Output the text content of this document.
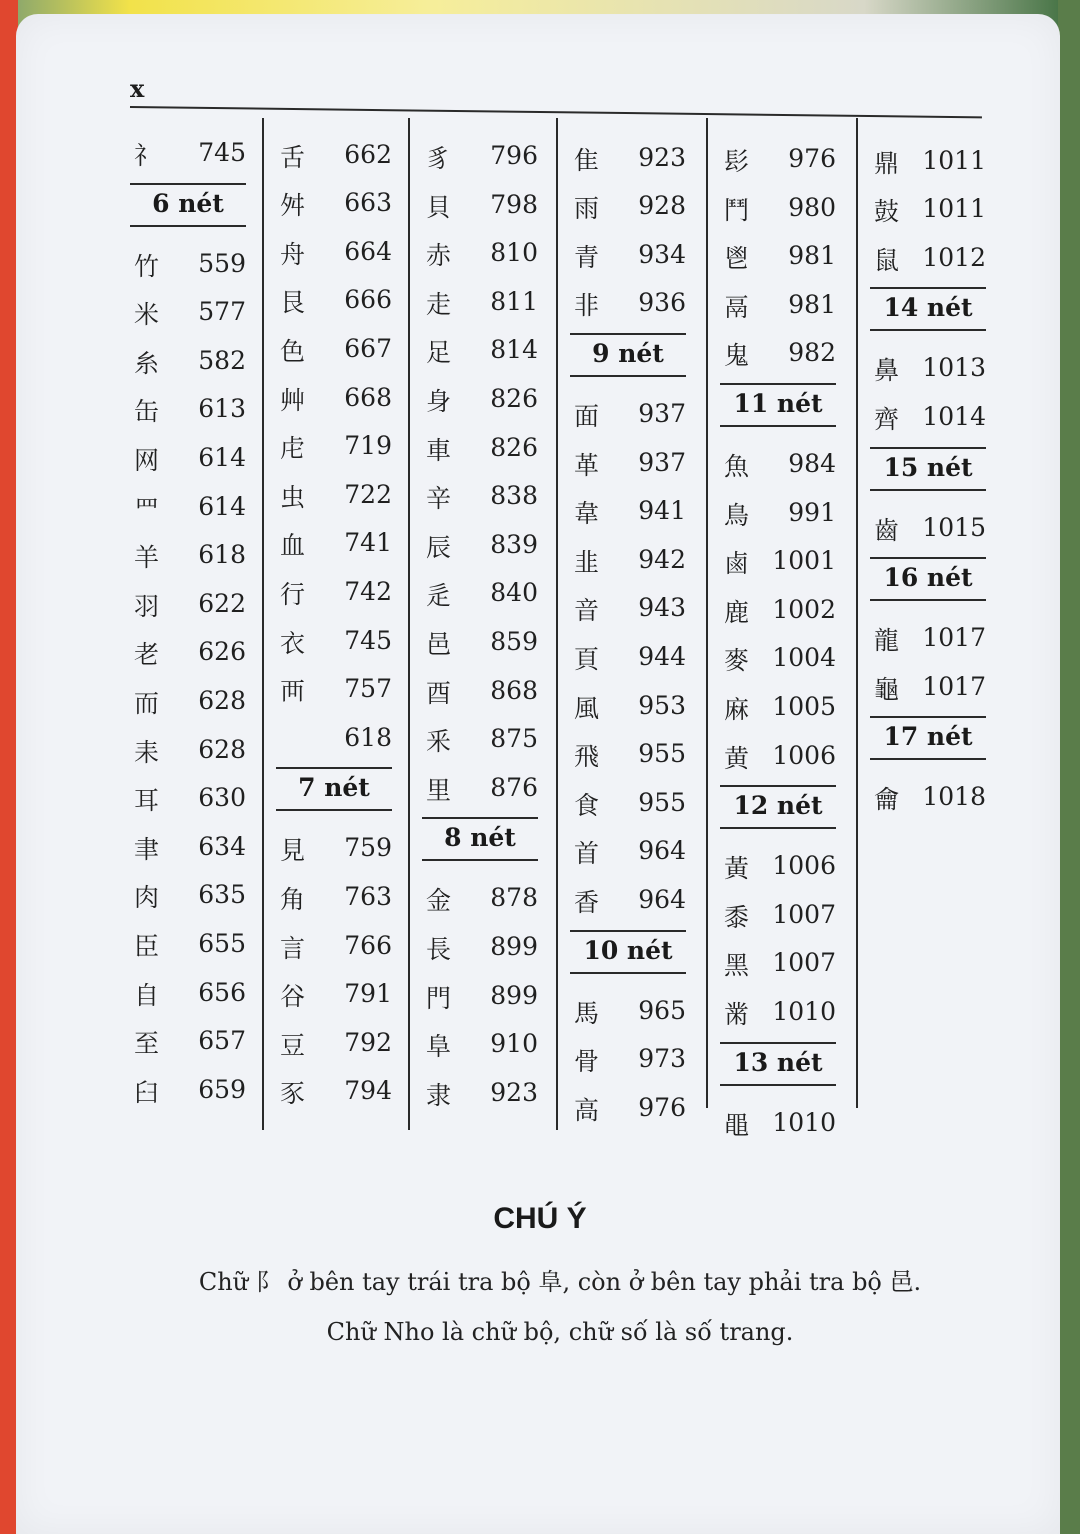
x
礻 745
6 nét
竹 559
米 577
糸 582
缶 613
网 614
罒 614
羊 618
羽 622
老 626
而 628
耒 628
耳 630
聿 634
肉 635
臣 655
自 656
至 657
臼 659
舌 662
舛 663
舟 664
艮 666
色 667
艸 668
虍 719
虫 722
血 741
行 742
衣 745
襾 757
618
7 nét
見 759
角 763
言 766
谷 791
豆 792
豕 794
豸 796
貝 798
赤 810
走 811
足 814
身 826
車 826
辛 838
辰 839
辵 840
邑 859
酉 868
釆 875
里 876
8 nét
金 878
長 899
門 899
阜 910
隶 923
隹 923
雨 928
青 934
非 936
9 nét
面 937
革 937
韋 941
韭 942
音 943
頁 944
風 953
飛 955
食 955
首 964
香 964
10 nét
馬 965
骨 973
高 976
髟 976
鬥 980
鬯 981
鬲 981
鬼 982
11 nét
魚 984
鳥 991
鹵 1001
鹿 1002
麥 1004
麻 1005
黄 1006
12 nét
黃 1006
黍 1007
黑 1007
黹 1010
13 nét
黽 1010
鼎 1011
鼓 1011
鼠 1012
14 nét
鼻 1013
齊 1014
15 nét
齒 1015
16 nét
龍 1017
龜 1017
17 nét
龠 1018
CHÚ Ý
Chữ 阝 ở bên tay trái tra bộ 阜, còn ở bên tay phải tra bộ 邑.
Chữ Nho là chữ bộ, chữ số là số trang.
